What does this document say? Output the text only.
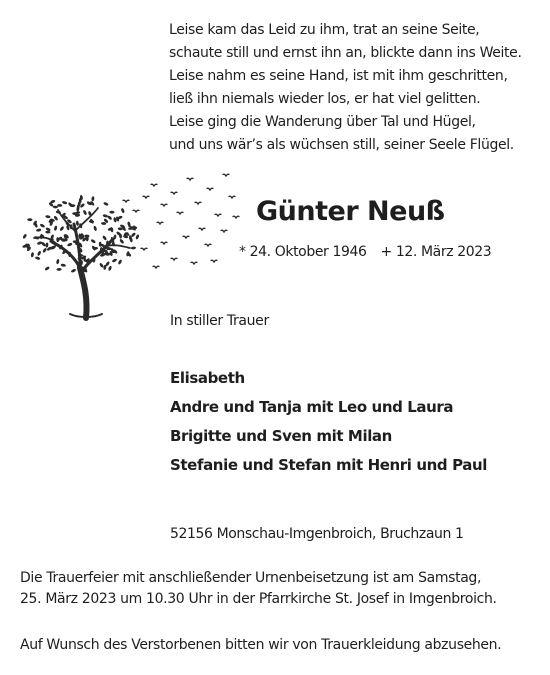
Leise kam das Leid zu ihm, trat an seine Seite,
schaute still und ernst ihn an, blickte dann ins Weite.
Leise nahm es seine Hand, ist mit ihm geschritten,
ließ ihn niemals wieder los, er hat viel gelitten.
Leise ging die Wanderung über Tal und Hügel,
und uns wär’s als wüchsen still, seiner Seele Flügel.
Günter Neuß
* 24. Oktober 1946 + 12. März 2023
In stiller Trauer
Elisabeth
Andre und Tanja mit Leo und Laura
Brigitte und Sven mit Milan
Stefanie und Stefan mit Henri und Paul
52156 Monschau-Imgenbroich, Bruchzaun 1
Die Trauerfeier mit anschließender Urnenbeisetzung ist am Samstag,
25. März 2023 um 10.30 Uhr in der Pfarrkirche St. Josef in Imgenbroich.
Auf Wunsch des Verstorbenen bitten wir von Trauerkleidung abzusehen.
